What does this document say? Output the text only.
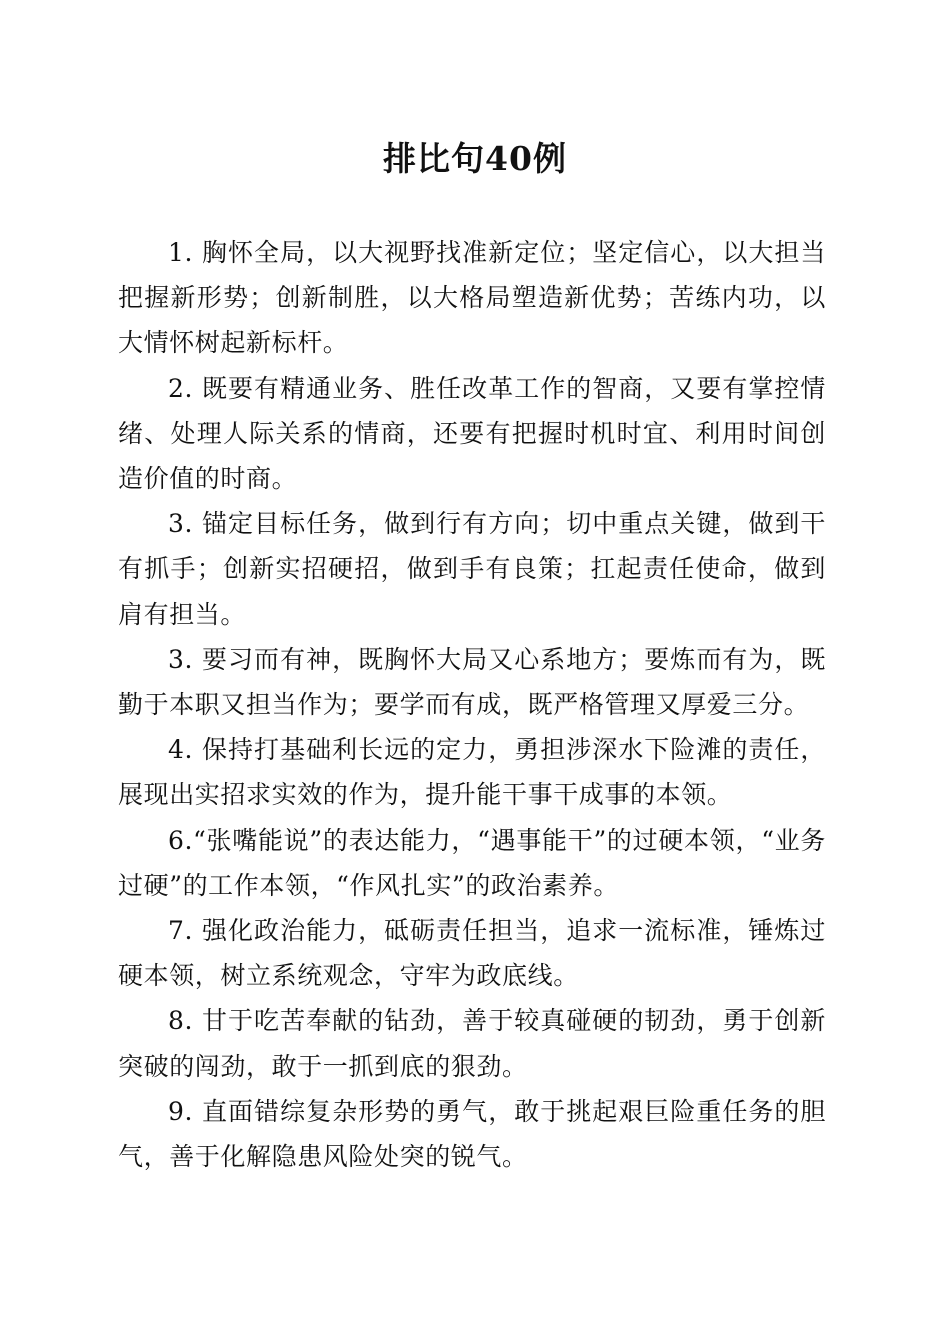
排比句40例

1. 胸怀全局，以大视野找准新定位；坚定信心，以大担当把握新形势；创新制胜，以大格局塑造新优势；苦练内功，以大情怀树起新标杆。

2. 既要有精通业务、胜任改革工作的智商，又要有掌控情绪、处理人际关系的情商，还要有把握时机时宜、利用时间创造价值的时商。

3. 锚定目标任务，做到行有方向；切中重点关键，做到干有抓手；创新实招硬招，做到手有良策；扛起责任使命，做到肩有担当。

3. 要习而有神，既胸怀大局又心系地方；要炼而有为，既勤于本职又担当作为；要学而有成，既严格管理又厚爱三分。

4. 保持打基础利长远的定力，勇担涉深水下险滩的责任，展现出实招求实效的作为，提升能干事干成事的本领。

6.“张嘴能说”的表达能力，“遇事能干”的过硬本领，“业务过硬”的工作本领，“作风扎实”的政治素养。

7. 强化政治能力，砥砺责任担当，追求一流标准，锤炼过硬本领，树立系统观念，守牢为政底线。

8. 甘于吃苦奉献的钻劲，善于较真碰硬的韧劲，勇于创新突破的闯劲，敢于一抓到底的狠劲。

9. 直面错综复杂形势的勇气，敢于挑起艰巨险重任务的胆气，善于化解隐患风险处突的锐气。
